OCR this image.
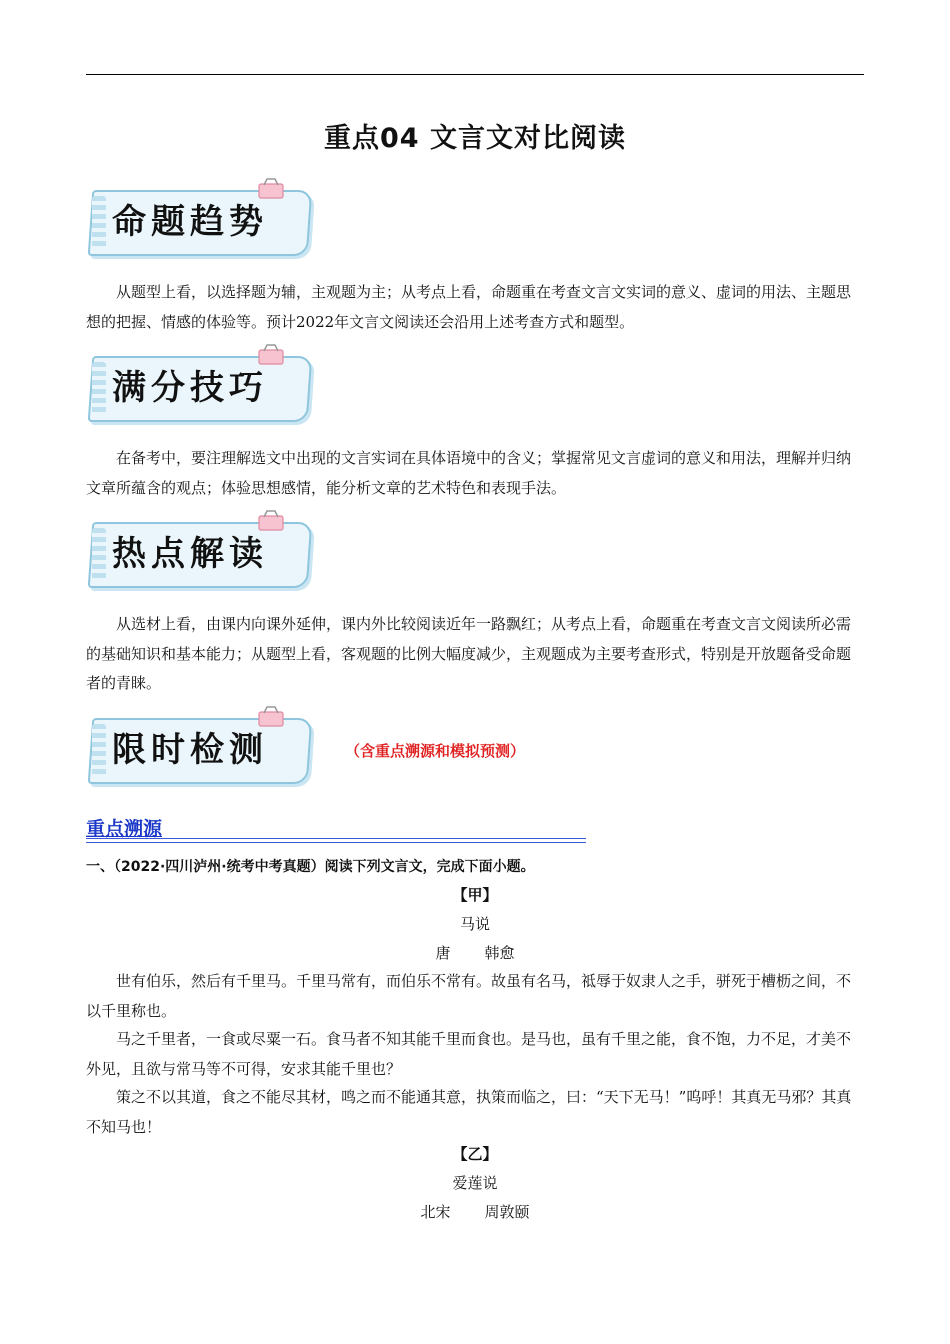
重点04 文言文对比阅读
命题趋势

从题型上看，以选择题为辅，主观题为主；从考点上看，命题重在考查文言文实词的意义、虚词的用法、主题思想的把握、情感的体验等。预计2022年文言文阅读还会沿用上述考查方式和题型。

满分技巧

在备考中，要注理解选文中出现的文言实词在具体语境中的含义；掌握常见文言虚词的意义和用法，理解并归纳文章所蕴含的观点；体验思想感情，能分析文章的艺术特色和表现手法。

热点解读

从选材上看，由课内向课外延伸，课内外比较阅读近年一路飘红；从考点上看，命题重在考查文言文阅读所必需的基础知识和基本能力；从题型上看，客观题的比例大幅度减少，主观题成为主要考查形式，特别是开放题备受命题者的青睐。

限时检测	（含重点溯源和模拟预测）
重点溯源
一、（2022·四川泸州·统考中考真题）阅读下列文言文，完成下面小题。
【甲】
马说
唐 韩愈

世有伯乐，然后有千里马。千里马常有，而伯乐不常有。故虽有名马，祗辱于奴隶人之手，骈死于槽枥之间，不以千里称也。

马之千里者，一食或尽粟一石。食马者不知其能千里而食也。是马也，虽有千里之能，食不饱，力不足，才美不外见，且欲与常马等不可得，安求其能千里也？

策之不以其道，食之不能尽其材，鸣之而不能通其意，执策而临之，曰：“天下无马！”呜呼！其真无马邪？其真不知马也！

【乙】
爱莲说
北宋 周敦颐
